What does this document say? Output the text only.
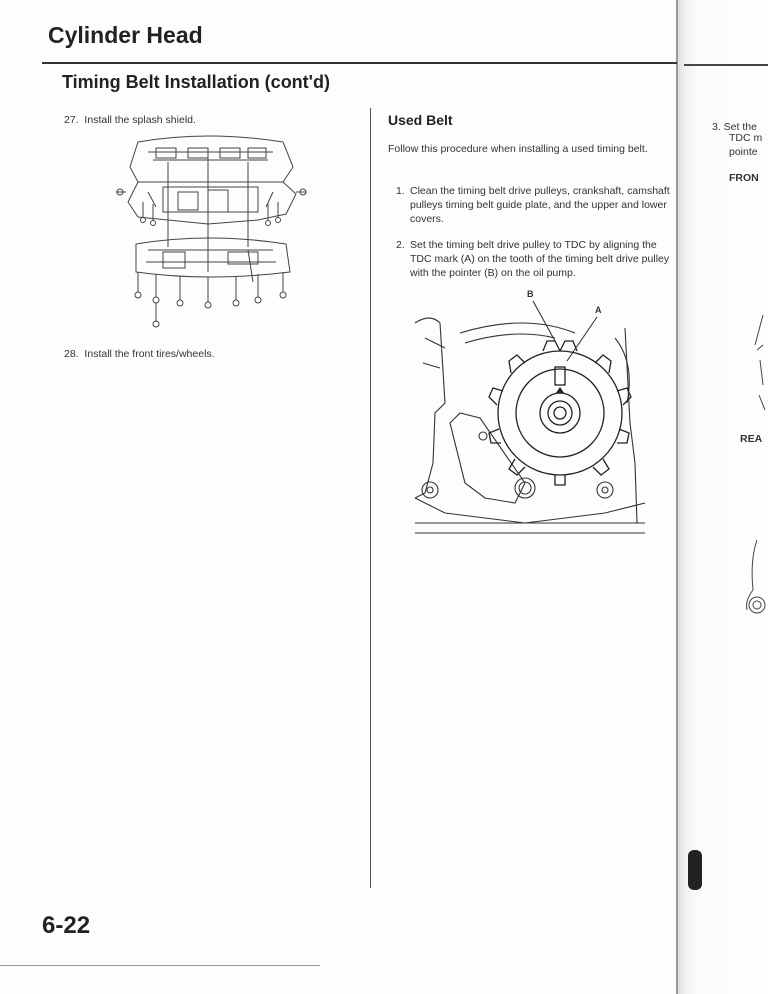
Cylinder Head
Timing Belt Installation (cont'd)
27.  Install the splash shield.
28.  Install the front tires/wheels.
Used Belt
Follow this procedure when installing a used timing belt.
1. Clean the timing belt drive pulleys, crankshaft, camshaft pulleys timing belt guide plate, and the upper and lower covers.
2. Set the timing belt drive pulley to TDC by aligning the TDC mark (A) on the tooth of the timing belt drive pulley with the pointer (B) on the oil pump.
B
A
3. Set the
TDC m
pointe
FRON
REA
6-22
